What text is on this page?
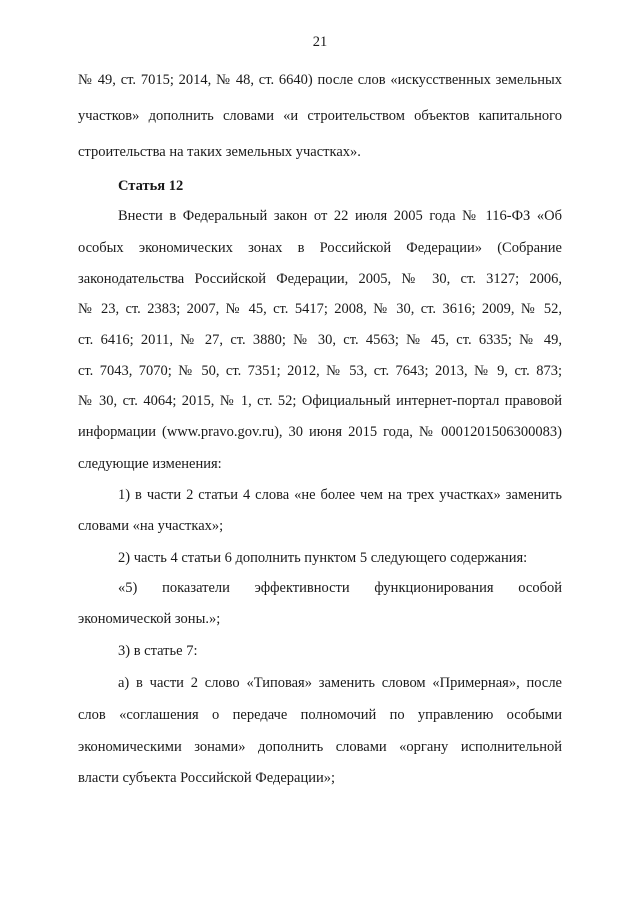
21
№ 49, ст. 7015; 2014, № 48, ст. 6640) после слов «искусственных земельных
участков» дополнить словами «и строительством объектов капитального
строительства на таких земельных участках».
Статья 12
Внести в Федеральный закон от 22 июля 2005 года № 116-ФЗ «Об
особых экономических зонах в Российской Федерации» (Собрание
законодательства Российской Федерации, 2005, № 30, ст. 3127; 2006,
№ 23, ст. 2383; 2007, № 45, ст. 5417; 2008, № 30, ст. 3616; 2009, № 52,
ст. 6416; 2011, № 27, ст. 3880; № 30, ст. 4563; № 45, ст. 6335; № 49,
ст. 7043, 7070; № 50, ст. 7351; 2012, № 53, ст. 7643; 2013, № 9, ст. 873;
№ 30, ст. 4064; 2015, № 1, ст. 52; Официальный интернет-портал правовой
информации (www.pravo.gov.ru), 30 июня 2015 года, № 0001201506300083)
следующие изменения:
1) в части 2 статьи 4 слова «не более чем на трех участках» заменить
словами «на участках»;
2) часть 4 статьи 6 дополнить пунктом 5 следующего содержания:
«5) показатели эффективности функционирования особой
экономической зоны.»;
3) в статье 7:
а) в части 2 слово «Типовая» заменить словом «Примерная», после
слов «соглашения о передаче полномочий по управлению особыми
экономическими зонами» дополнить словами «органу исполнительной
власти субъекта Российской Федерации»;
